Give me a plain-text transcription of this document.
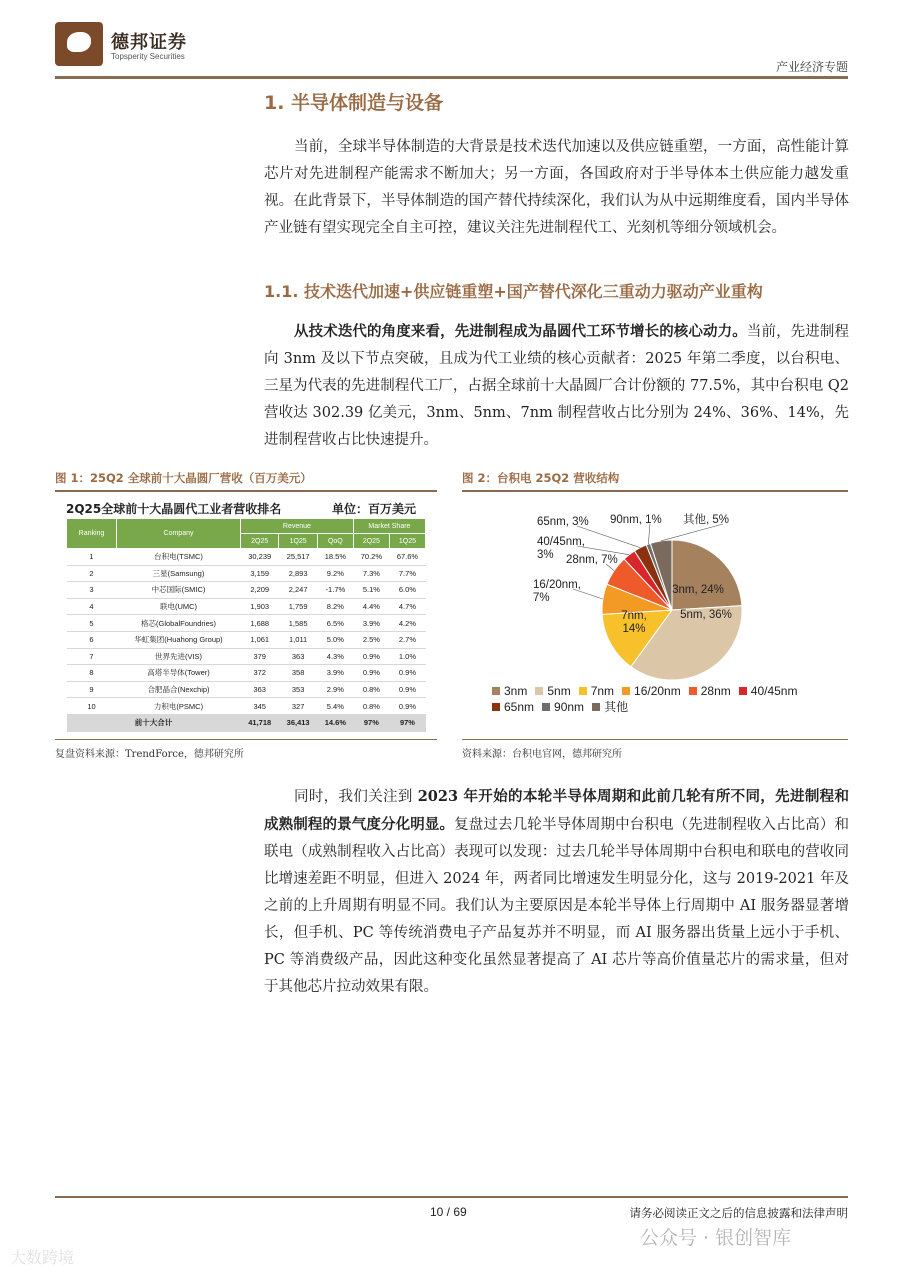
德邦证券
Topsperity Securities
产业经济专题
1. 半导体制造与设备
当前，全球半导体制造的大背景是技术迭代加速以及供应链重塑，一方面，高性能计算芯片对先进制程产能需求不断加大；另一方面，各国政府对于半导体本土供应能力越发重视。在此背景下，半导体制造的国产替代持续深化，我们认为从中远期维度看，国内半导体产业链有望实现完全自主可控，建议关注先进制程代工、光刻机等细分领域机会。
1.1. 技术迭代加速+供应链重塑+国产替代深化三重动力驱动产业重构
从技术迭代的角度来看，先进制程成为晶圆代工环节增长的核心动力。当前，先进制程向 3nm 及以下节点突破，且成为代工业绩的核心贡献者：2025 年第二季度，以台积电、三星为代表的先进制程代工厂，占据全球前十大晶圆厂合计份额的 77.5%，其中台积电 Q2 营收达 302.39 亿美元，3nm、5nm、7nm 制程营收占比分别为 24%、36%、14%，先进制程营收占比快速提升。
图 1：25Q2 全球前十大晶圆厂营收（百万美元）
2Q25全球前十大晶圆代工业者营收排名	单位：百万美元
Ranking	Company	Revenue			Market Share	
		2Q25	1Q25	QoQ	2Q25	1Q25
1	台积电(TSMC)	30,239	25,517	18.5%	70.2%	67.6%
2	三星(Samsung)	3,159	2,893	9.2%	7.3%	7.7%
3	中芯国际(SMIC)	2,209	2,247	-1.7%	5.1%	6.0%
4	联电(UMC)	1,903	1,759	8.2%	4.4%	4.7%
5	格芯(GlobalFoundries)	1,688	1,585	6.5%	3.9%	4.2%
6	华虹集团(Huahong Group)	1,061	1,011	5.0%	2.5%	2.7%
7	世界先进(VIS)	379	363	4.3%	0.9%	1.0%
8	高塔半导体(Tower)	372	358	3.9%	0.9%	0.9%
9	合肥晶合(Nexchip)	363	353	2.9%	0.8%	0.9%
10	力积电(PSMC)	345	327	5.4%	0.8%	0.9%
前十大合计		41,718	36,413	14.6%	97%	97%
复盘资料来源：TrendForce，德邦研究所
图 2：台积电 25Q2 营收结构
3nm, 24%
5nm, 36%
7nm, 14%
16/20nm, 7%
28nm, 7%
40/45nm, 3%
65nm, 3% 90nm, 1% 其他, 5%
3nm 5nm 7nm 16/20nm 28nm 40/45nm65nm 90nm 其他
资料来源：台积电官网，德邦研究所
同时，我们关注到 2023 年开始的本轮半导体周期和此前几轮有所不同，先进制程和成熟制程的景气度分化明显。复盘过去几轮半导体周期中台积电（先进制程收入占比高）和联电（成熟制程收入占比高）表现可以发现：过去几轮半导体周期中台积电和联电的营收同比增速差距不明显，但进入 2024 年，两者同比增速发生明显分化，这与 2019-2021 年及之前的上升周期有明显不同。我们认为主要原因是本轮半导体上行周期中 AI 服务器显著增长，但手机、PC 等传统消费电子产品复苏并不明显，而 AI 服务器出货量上远小于手机、PC 等消费级产品，因此这种变化虽然显著提高了 AI 芯片等高价值量芯片的需求量，但对于其他芯片拉动效果有限。
10 / 69	请务必阅读正文之后的信息披露和法律声明
公众号 · 银创智库
大数跨境
